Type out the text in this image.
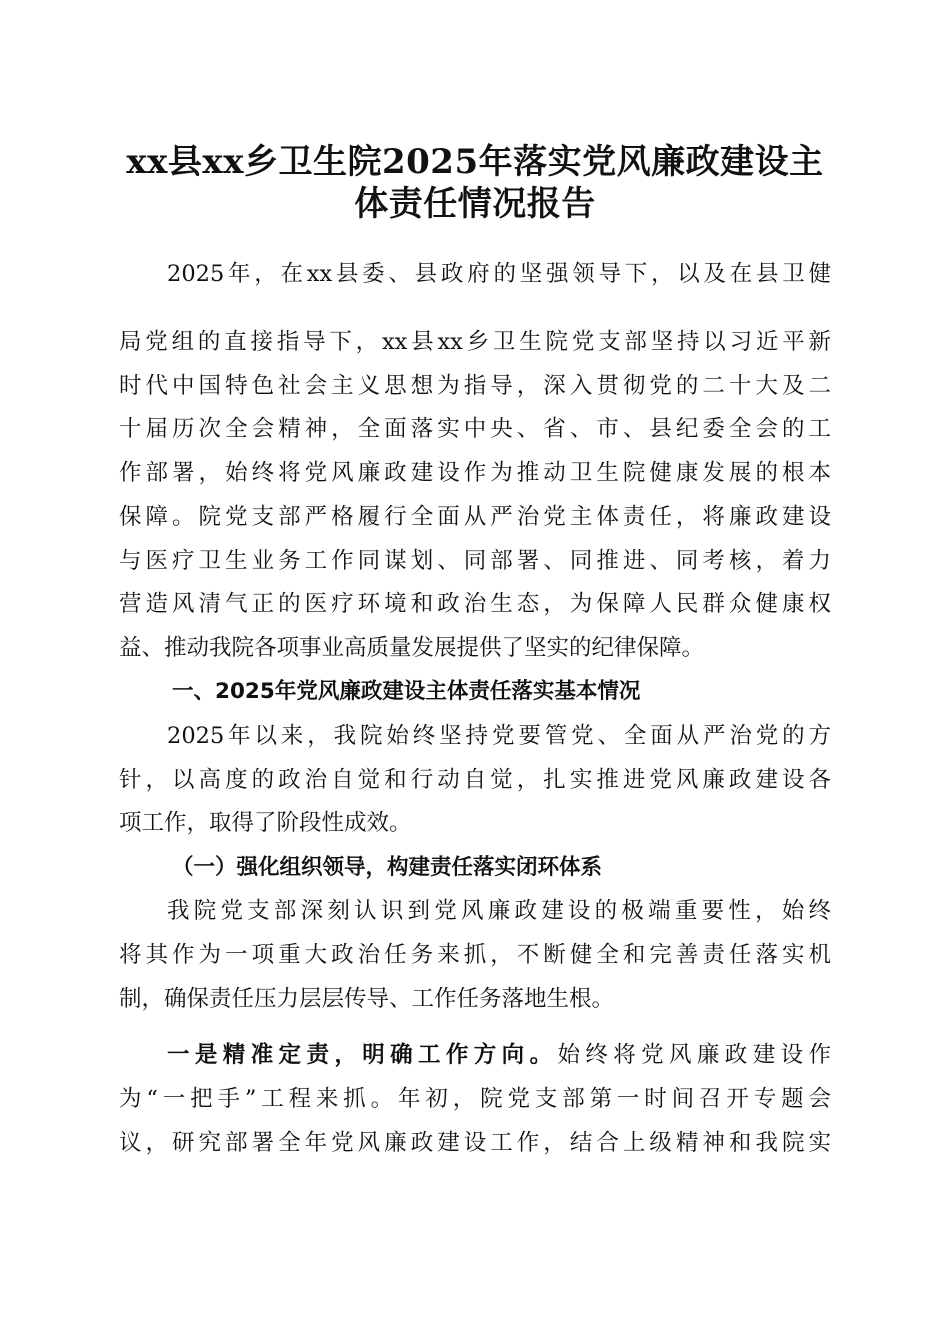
xx县xx乡卫生院2025年落实党风廉政建设主
体责任情况报告

2025年，在xx县委、县政府的坚强领导下，以及在县卫健

局党组的直接指导下，xx县xx乡卫生院党支部坚持以习近平新

时代中国特色社会主义思想为指导，深入贯彻党的二十大及二

十届历次全会精神，全面落实中央、省、市、县纪委全会的工

作部署，始终将党风廉政建设作为推动卫生院健康发展的根本

保障。院党支部严格履行全面从严治党主体责任，将廉政建设

与医疗卫生业务工作同谋划、同部署、同推进、同考核，着力

营造风清气正的医疗环境和政治生态，为保障人民群众健康权

益、推动我院各项事业高质量发展提供了坚实的纪律保障。

一、2025年党风廉政建设主体责任落实基本情况

2025年以来，我院始终坚持党要管党、全面从严治党的方

针，以高度的政治自觉和行动自觉，扎实推进党风廉政建设各

项工作，取得了阶段性成效。

（一）强化组织领导，构建责任落实闭环体系

我院党支部深刻认识到党风廉政建设的极端重要性，始终

将其作为一项重大政治任务来抓，不断健全和完善责任落实机

制，确保责任压力层层传导、工作任务落地生根。

一是精准定责，明确工作方向。始终将党风廉政建设作

为“一把手”工程来抓。年初，院党支部第一时间召开专题会

议，研究部署全年党风廉政建设工作，结合上级精神和我院实
